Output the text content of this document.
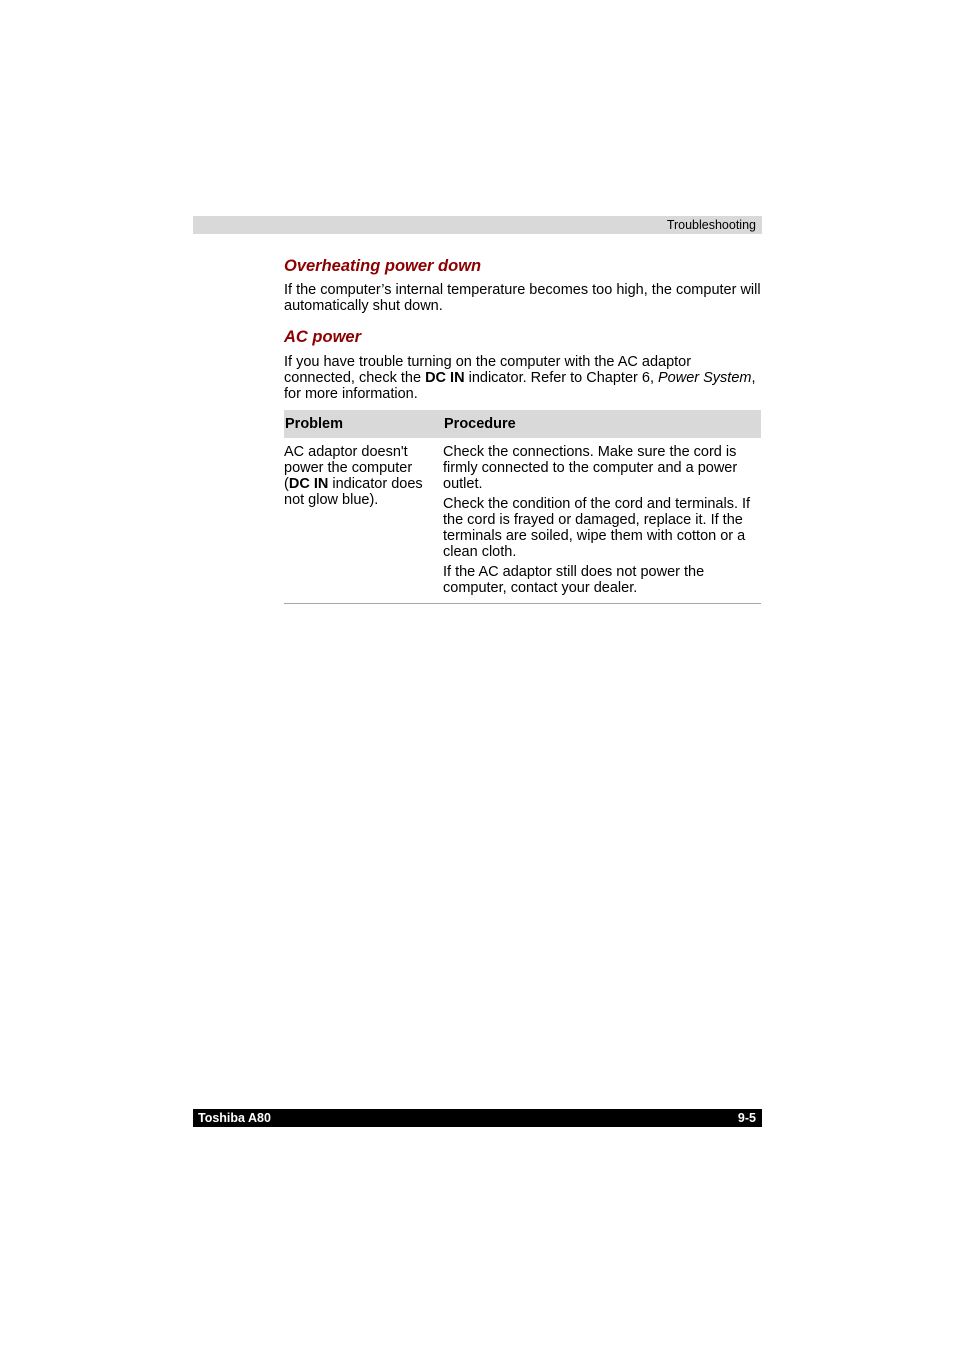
Troubleshooting
Overheating power down

If the computer’s internal temperature becomes too high, the computer will automatically shut down.

AC power

If you have trouble turning on the computer with the AC adaptor connected, check the DC IN indicator. Refer to Chapter 6, Power System, for more information.

Problem	Procedure
AC adaptor doesn't power the computer (DC IN indicator does not glow blue).

Check the connections. Make sure the cord is firmly connected to the computer and a power outlet.

Check the condition of the cord and terminals. If the cord is frayed or damaged, replace it. If the terminals are soiled, wipe them with cotton or a clean cloth.

If the AC adaptor still does not power the computer, contact your dealer.

Toshiba A80	9-5
